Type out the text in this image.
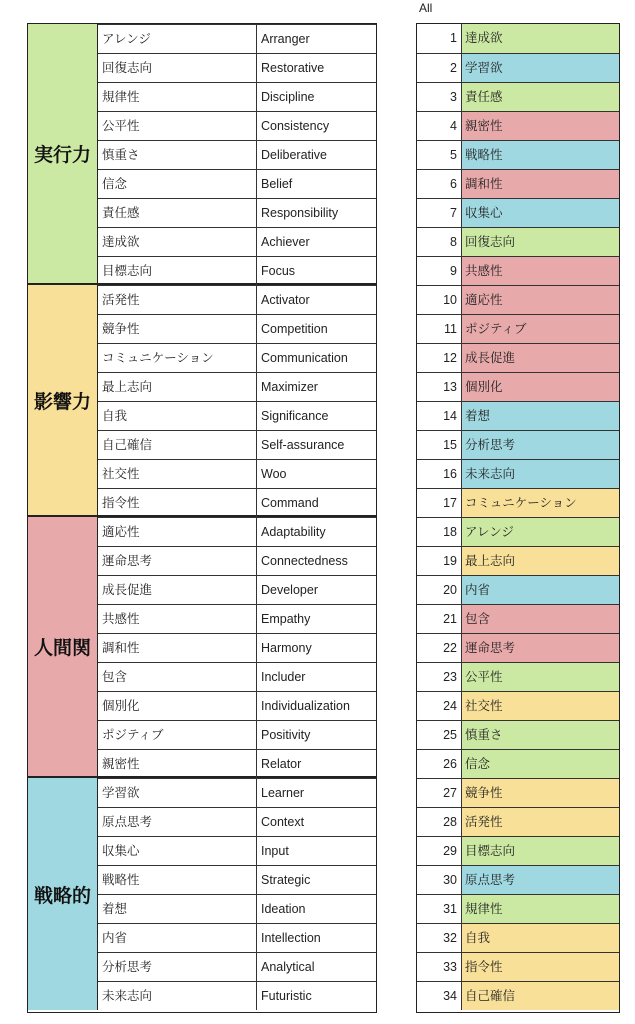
All
実行力
アレンジ	Arranger
回復志向	Restorative
規律性	Discipline
公平性	Consistency
慎重さ	Deliberative
信念	Belief
責任感	Responsibility
達成欲	Achiever
目標志向	Focus
影響力
活発性	Activator
競争性	Competition
コミュニケーション	Communication
最上志向	Maximizer
自我	Significance
自己確信	Self-assurance
社交性	Woo
指令性	Command
人間関
適応性	Adaptability
運命思考	Connectedness
成長促進	Developer
共感性	Empathy
調和性	Harmony
包含	Includer
個別化	Individualization
ポジティブ	Positivity
親密性	Relator
戦略的
学習欲	Learner
原点思考	Context
収集心	Input
戦略性	Strategic
着想	Ideation
内省	Intellection
分析思考	Analytical
未来志向	Futuristic
1 達成欲
2 学習欲
3 責任感
4 親密性
5 戦略性
6 調和性
7 収集心
8 回復志向
9 共感性
10 適応性
11 ポジティブ
12 成長促進
13 個別化
14 着想
15 分析思考
16 未来志向
17 コミュニケーション
18 アレンジ
19 最上志向
20 内省
21 包含
22 運命思考
23 公平性
24 社交性
25 慎重さ
26 信念
27 競争性
28 活発性
29 目標志向
30 原点思考
31 規律性
32 自我
33 指令性
34 自己確信
